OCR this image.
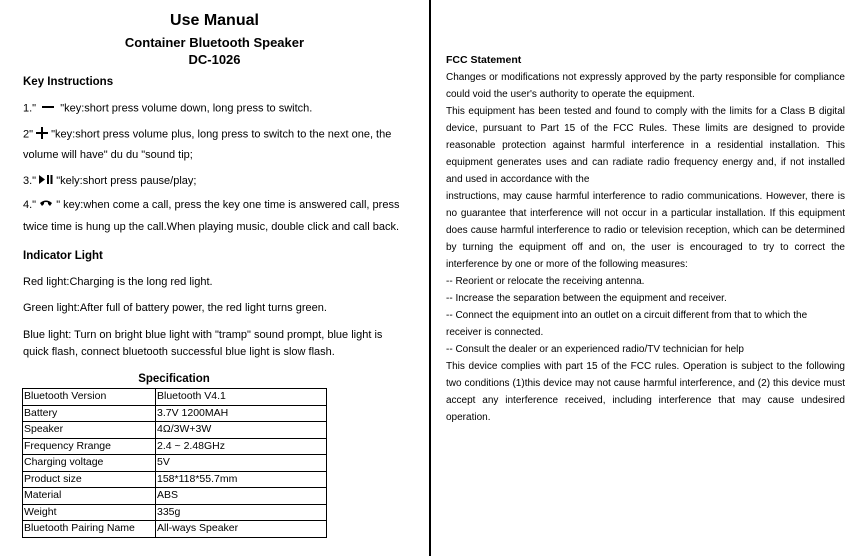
Use Manual
Container Bluetooth Speaker
DC-1026
Key Instructions
1." "key:short press volume down, long press to switch.
2" "key:short press volume plus, long press to switch to the next one, the
volume will have" du du "sound tip;
3." "kely:short press pause/play;
4." " key:when come a call, press the key one time is answered call, press
twice time is hung up the call.When playing music, double click and call back.
Indicator Light
Red light:Charging is the long red light.
Green light:After full of battery power, the red light turns green.
Blue light: Turn on bright blue light with "tramp" sound prompt, blue light is
quick flash, connect bluetooth successful blue light is slow flash.
Specification
Bluetooth Version	Bluetooth V4.1
Battery	3.7V 1200MAH
Speaker	4Ω/3W+3W
Frequency Rrange	2.4 ~ 2.48GHz
Charging voltage	5V
Product size	158*118*55.7mm
Material	ABS
Weight	335g
Bluetooth Pairing Name	All-ways Speaker
FCC Statement
Changes or modifications not expressly approved by the party responsible for compliance could void the user's authority to operate the equipment.
This equipment has been tested and found to comply with the limits for a Class B digital device, pursuant to Part 15 of the FCC Rules. These limits are designed to provide reasonable protection against harmful interference in a residential installation. This equipment generates uses and can radiate radio frequency energy and, if not installed and used in accordance with the
instructions, may cause harmful interference to radio communications. However, there is no guarantee that interference will not occur in a particular installation. If this equipment does cause harmful interference to radio or television reception, which can be determined by turning the equipment off and on, the user is encouraged to try to correct the interference by one or more of the following measures:
-- Reorient or relocate the receiving antenna.
-- Increase the separation between the equipment and receiver.
-- Connect the equipment into an outlet on a circuit different from that to which the receiver is connected.
-- Consult the dealer or an experienced radio/TV technician for help
This device complies with part 15 of the FCC rules. Operation is subject to the following two conditions (1)this device may not cause harmful interference, and (2) this device must accept any interference received, including interference that may cause undesired operation.
